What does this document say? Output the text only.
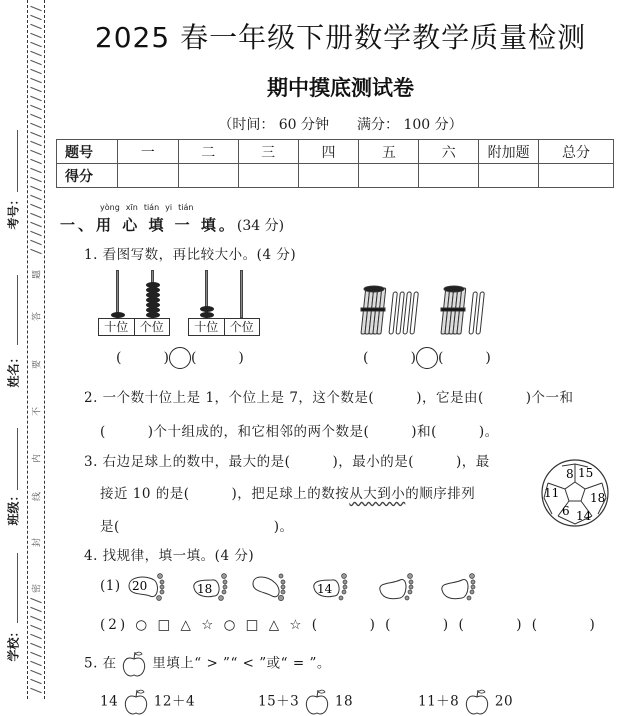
题
答
要
不
内
线
封
密
考号：
姓名：
班级：
学校：
2025 春一年级下册数学教学质量检测
期中摸底测试卷
（时间： 60 分钟　　满分： 100 分）
题号	一	二	三	四	五	六	附加题	总分
得分								
yòng xīn tián yi tián
一、用 心 填 一 填。(34 分)
1. 看图写数，再比较大小。(4 分)
十位 个位	十位 个位
(　　　) (　　　)	(　　　) (　　　)
2. 一个数十位上是 1，个位上是 7，这个数是(　　　)，它是由(　　　)个一和
(　　　)个十组成的，和它相邻的两个数是(　　　)和(　　　)。
3. 右边足球上的数中，最大的是(　　　)，最小的是(　　　)，最
接近 10 的是(　　　)，把足球上的数按从大到小的顺序排列
是(　　　　　　　　　　　)。
8 15
11	18
6 14
4. 找规律，填一填。(4 分)
(1) 20	18	14
(2) ○ □ △ ☆ ○ □ △ ☆ (　　　) (　　　) (　　　) (　　　)
5. 在	里填上“ > ”“ < ”或“ = ”。
14	12＋4	15＋3	18	11＋8	20
